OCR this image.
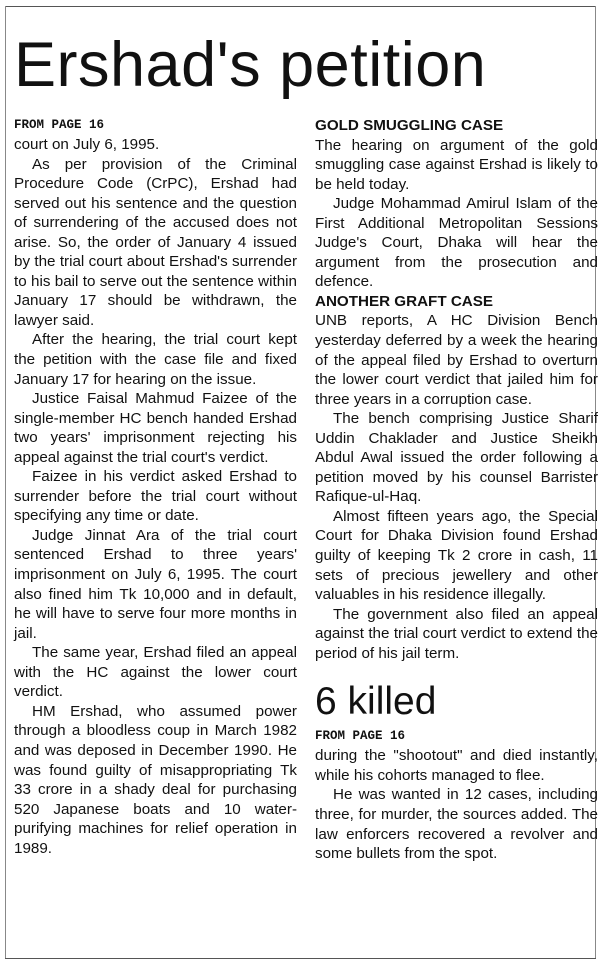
Ershad's petition
FROM PAGE 16

court on July 6, 1995.

As per provision of the Criminal Procedure Code (CrPC), Ershad had served out his sentence and the question of surrendering of the accused does not arise. So, the order of January 4 issued by the trial court about Ershad's surrender to his bail to serve out the sentence within January 17 should be withdrawn, the lawyer said.

After the hearing, the trial court kept the petition with the case file and fixed January 17 for hearing on the issue.

Justice Faisal Mahmud Faizee of the single-member HC bench handed Ershad two years' imprisonment rejecting his appeal against the trial court's verdict.

Faizee in his verdict asked Ershad to surrender before the trial court without specifying any time or date.

Judge Jinnat Ara of the trial court sentenced Ershad to three years' imprisonment on July 6, 1995. The court also fined him Tk 10,000 and in default, he will have to serve four more months in jail.

The same year, Ershad filed an appeal with the HC against the lower court verdict.

HM Ershad, who assumed power through a bloodless coup in March 1982 and was deposed in December 1990. He was found guilty of misappropriating Tk 33 crore in a shady deal for purchasing 520 Japanese boats and 10 water-purifying machines for relief operation in 1989.

GOLD SMUGGLING CASE

The hearing on argument of the gold smuggling case against Ershad is likely to be held today.

Judge Mohammad Amirul Islam of the First Additional Metropolitan Sessions Judge's Court, Dhaka will hear the argument from the prosecution and defence.

ANOTHER GRAFT CASE

UNB reports, A HC Division Bench yesterday deferred by a week the hearing of the appeal filed by Ershad to overturn the lower court verdict that jailed him for three years in a corruption case.

The bench comprising Justice Sharif Uddin Chaklader and Justice Sheikh Abdul Awal issued the order following a petition moved by his counsel Barrister Rafique-ul-Haq.

Almost fifteen years ago, the Special Court for Dhaka Division found Ershad guilty of keeping Tk 2 crore in cash, 11 sets of precious jewellery and other valuables in his residence illegally.

The government also filed an appeal against the trial court verdict to extend the period of his jail term.

6 killed
FROM PAGE 16

during the "shootout" and died instantly, while his cohorts managed to flee.

He was wanted in 12 cases, including three, for murder, the sources added. The law enforcers recovered a revolver and some bullets from the spot.
